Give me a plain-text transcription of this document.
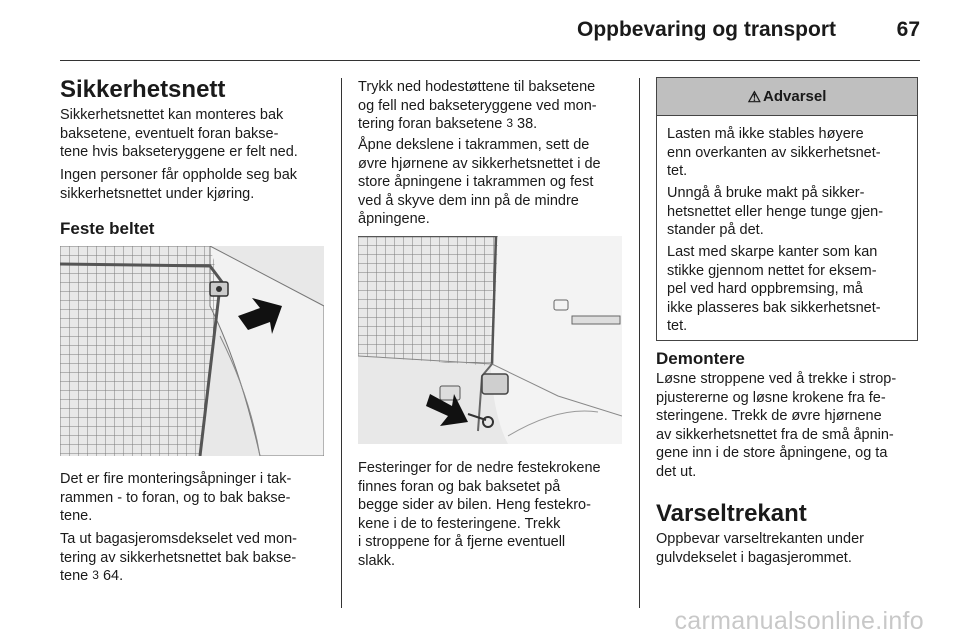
Oppbevaring og transport	67
Sikkerhetsnett
Sikkerhetsnettet kan monteres bak
baksetene, eventuelt foran bakse-
tene hvis bakseteryggene er felt ned.
Ingen personer får oppholde seg bak
sikkerhetsnettet under kjøring.
Feste beltet
Det er fire monteringsåpninger i tak-
rammen - to foran, og to bak bakse-
tene.
Ta ut bagasjeromsdekselet ved mon-
tering av sikkerhetsnettet bak bakse-
tene 3 64.
Trykk ned hodestøttene til baksetene
og fell ned bakseteryggene ved mon-
tering foran baksetene 3 38.
Åpne dekslene i takrammen, sett de
øvre hjørnene av sikkerhetsnettet i de
store åpningene i takrammen og fest
ved å skyve dem inn på de mindre
åpningene.
Festeringer for de nedre festekrokene
finnes foran og bak baksetet på
begge sider av bilen. Heng festekro-
kene i de to festeringene. Trekk
i stroppene for å fjerne eventuell
slakk.
⚠ Advarsel
Lasten må ikke stables høyere
enn overkanten av sikkerhetsnet-
tet.
Unngå å bruke makt på sikker-
hetsnettet eller henge tunge gjen-
stander på det.
Last med skarpe kanter som kan
stikke gjennom nettet for eksem-
pel ved hard oppbremsing, må
ikke plasseres bak sikkerhetsnet-
tet.
Demontere
Løsne stroppene ved å trekke i strop-
pjustererne og løsne krokene fra fe-
steringene. Trekk de øvre hjørnene
av sikkerhetsnettet fra de små åpnin-
gene inn i de store åpningene, og ta
det ut.
Varseltrekant
Oppbevar varseltrekanten under
gulvdekselet i bagasjerommet.
carmanualsonline.info
